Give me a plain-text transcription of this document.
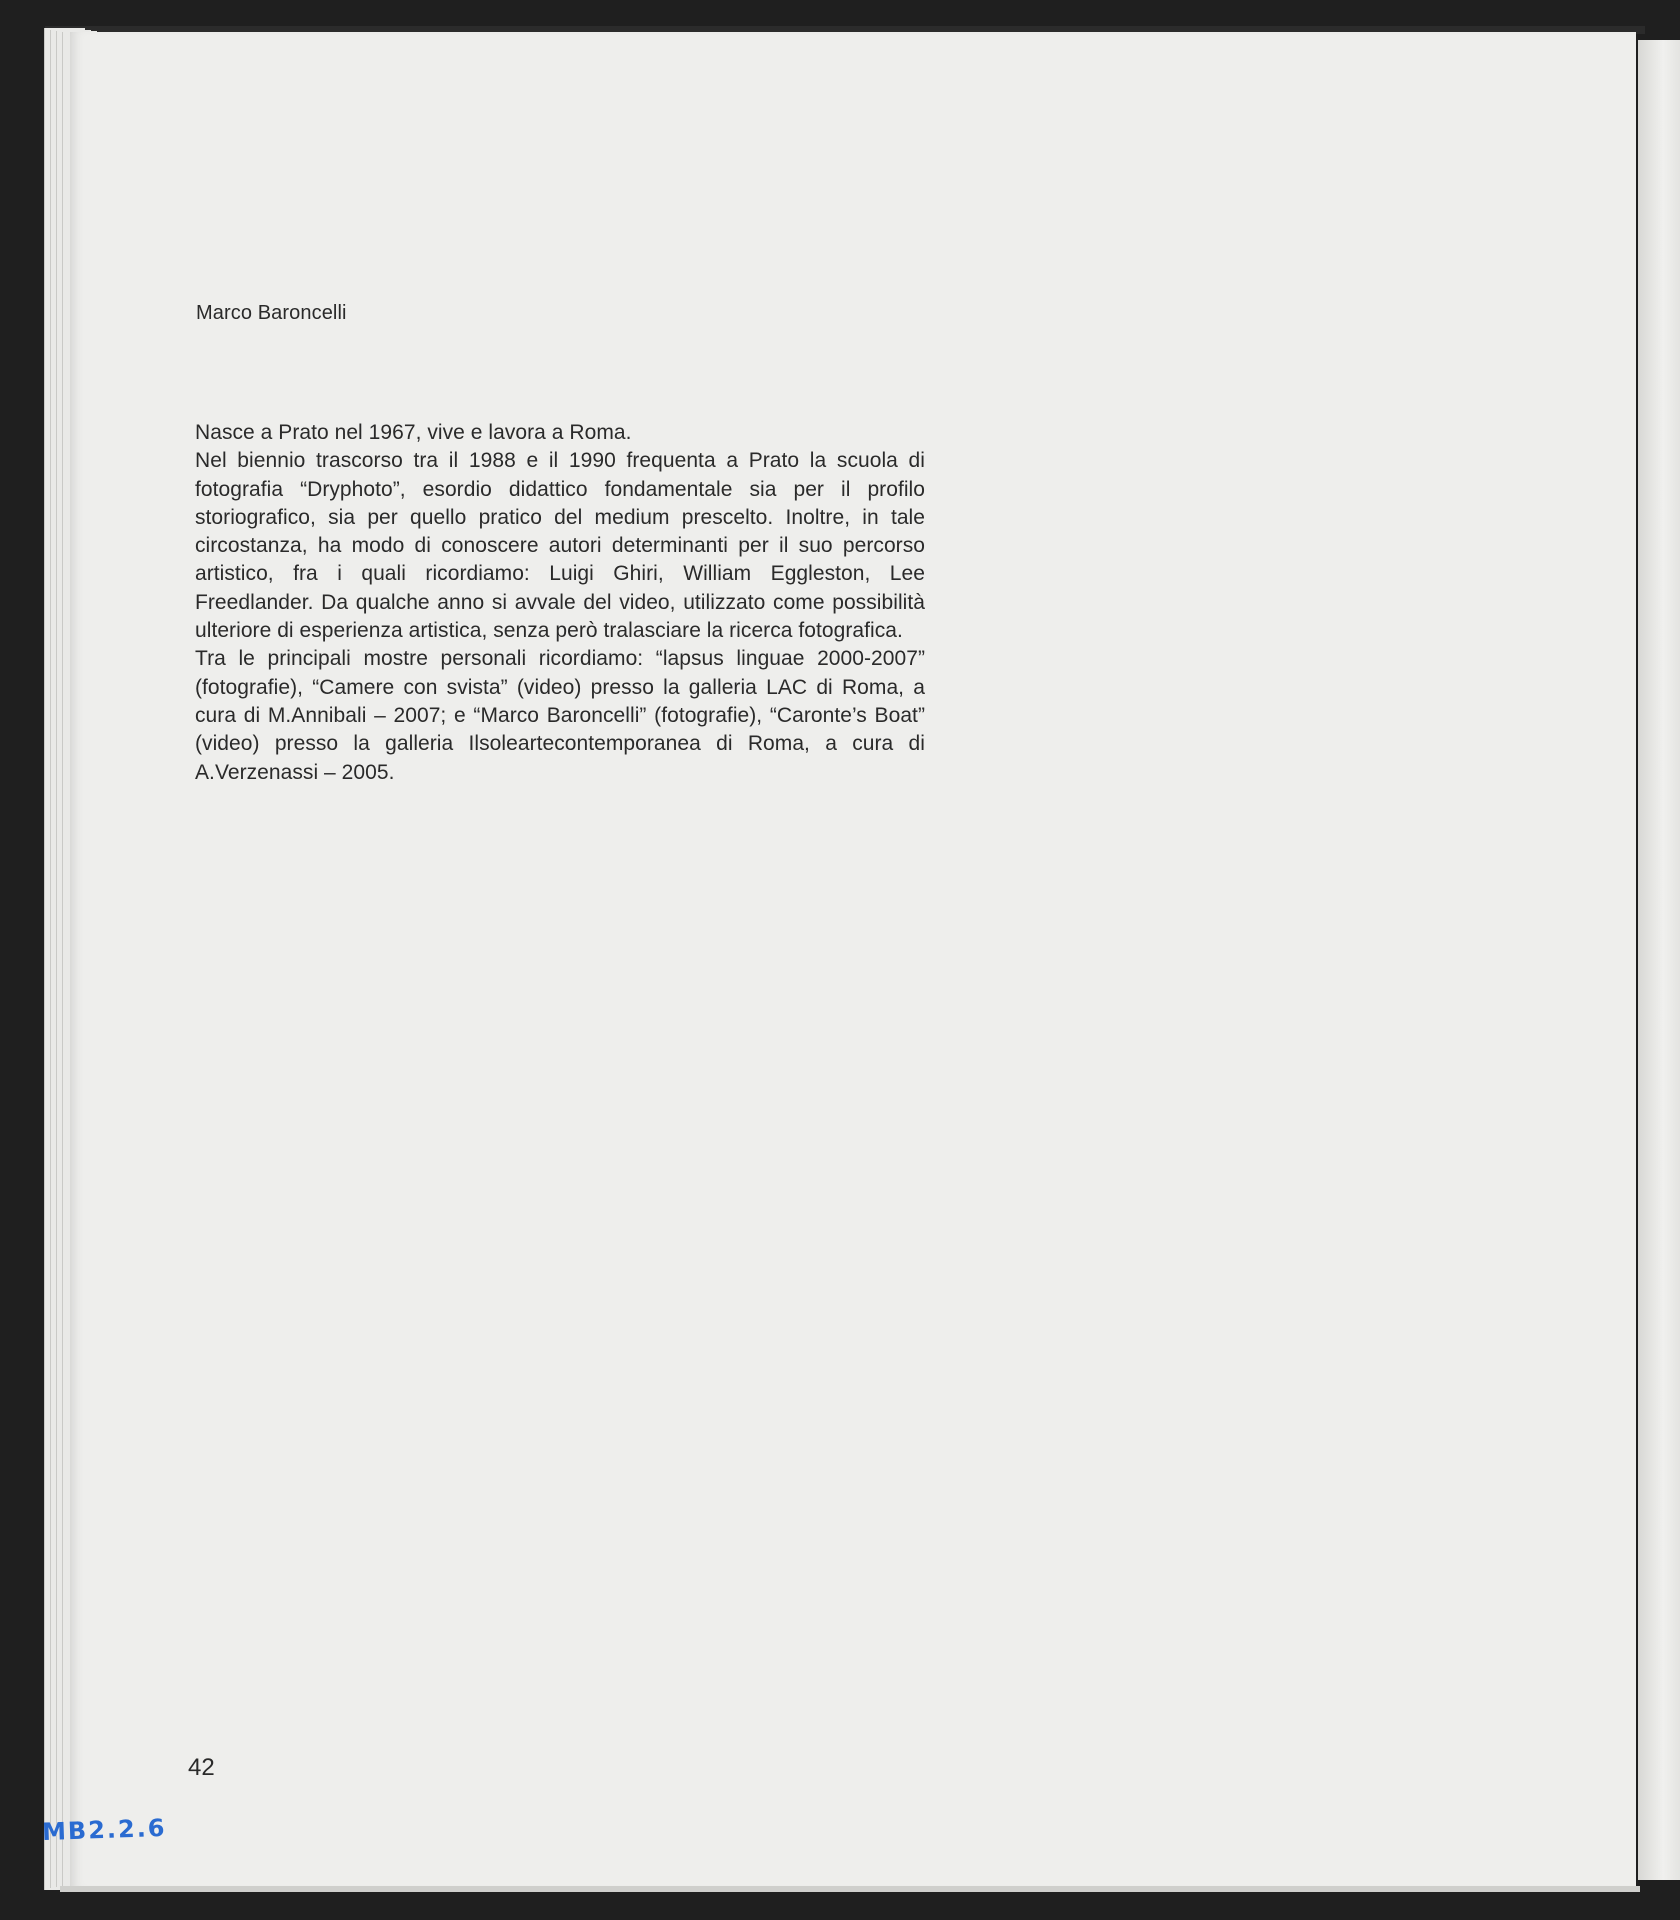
Marco Baroncelli

Nasce a Prato nel 1967, vive e lavora a Roma.

Nel biennio trascorso tra il 1988 e il 1990 frequenta a Prato la scuola di fotografia “Dryphoto”, esordio didattico fondamentale sia per il profilo storiografico, sia per quello pratico del medium prescelto. Inoltre, in tale circostanza, ha modo di conoscere autori determinanti per il suo percorso artistico, fra i quali ricordiamo: Luigi Ghiri, William Eggleston, Lee Freedlander. Da qualche anno si avvale del video, utilizzato come possibilità ulteriore di esperienza artistica, senza però tralasciare la ricerca fotografica.

Tra le principali mostre personali ricordiamo: “lapsus linguae 2000-2007” (fotografie), “Camere con svista” (video) presso la galleria LAC di Roma, a cura di M.Annibali – 2007; e “Marco Baroncelli” (fotografie), “Caronte’s Boat” (video) presso la galleria Ilsoleartecontemporanea di Roma, a cura di A.Verzenassi – 2005.

42
MB2.2.6
